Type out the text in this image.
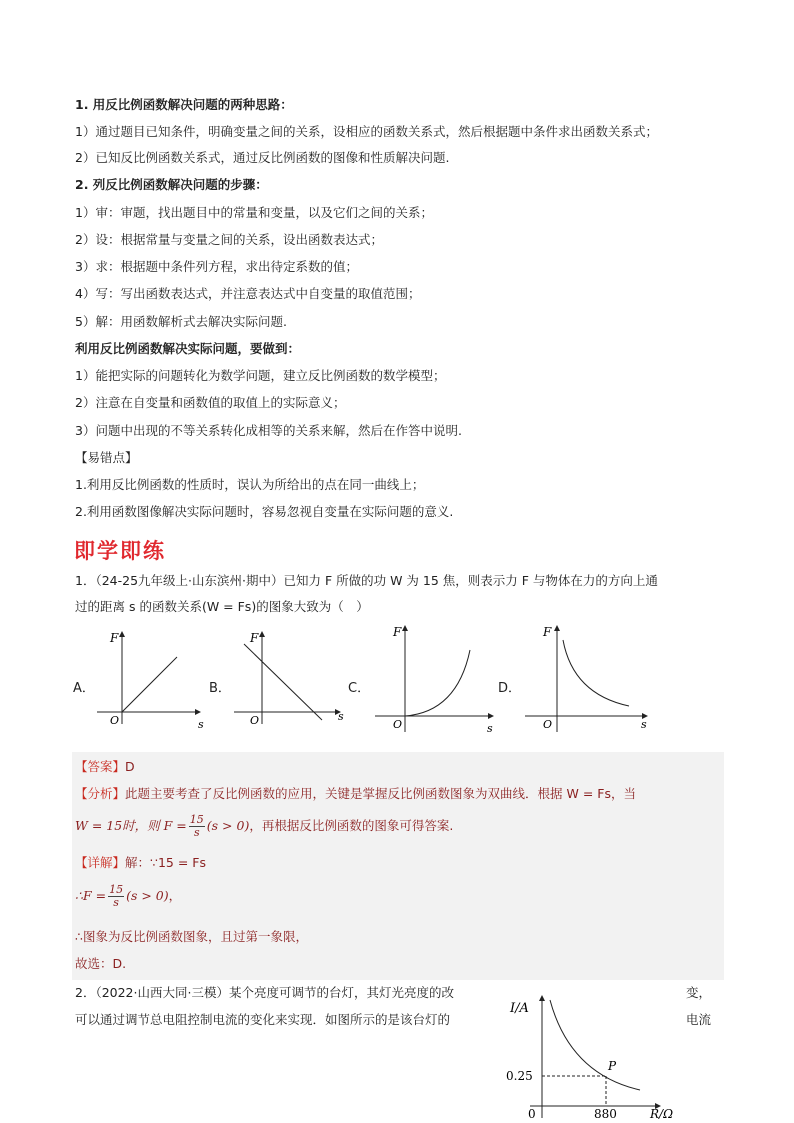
1. 用反比例函数解决问题的两种思路：
1）通过题目已知条件，明确变量之间的关系，设相应的函数关系式，然后根据题中条件求出函数关系式；
2）已知反比例函数关系式，通过反比例函数的图像和性质解决问题.
2. 列反比例函数解决问题的步骤：
1）审：审题，找出题目中的常量和变量，以及它们之间的关系；
2）设：根据常量与变量之间的关系，设出函数表达式；
3）求：根据题中条件列方程，求出待定系数的值；
4）写：写出函数表达式，并注意表达式中自变量的取值范围；
5）解：用函数解析式去解决实际问题.
利用反比例函数解决实际问题，要做到：
1）能把实际的问题转化为数学问题，建立反比例函数的数学模型；
2）注意在自变量和函数值的取值上的实际意义；
3）问题中出现的不等关系转化成相等的关系来解，然后在作答中说明.
【易错点】
1.利用反比例函数的性质时，误认为所给出的点在同一曲线上；
2.利用函数图像解决实际问题时，容易忽视自变量在实际问题的意义.
即学即练
1．（24-25九年级上·山东滨州·期中）已知力 F 所做的功 W 为 15 焦，则表示力 F 与物体在力的方向上通
过的距离 s 的函数关系(W = Fs)的图象大致为（　）
A．
F
s
O
B．
F
s
O
C．
F
s
O
D．
F
s
O
【答案】D
【分析】此题主要考查了反比例函数的应用，关键是掌握反比例函数图象为双曲线．根据 W = Fs，当
W = 15时，则 $F = \frac{15}{s} (s > 0)$，再根据反比例函数的图象可得答案.
【详解】解：∵15 = Fs
∴F = $\frac{15}{s} (s > 0)$，
∴图象为反比例函数图象，且过第一象限，
故选：D.
2．（2022·山西大同·三模）某个亮度可调节的台灯，其灯光亮度的改	变，
可以通过调节总电阻控制电流的变化来实现．如图所示的是该台灯的	电流
I/A
0.25
0	880
P
R/Ω
